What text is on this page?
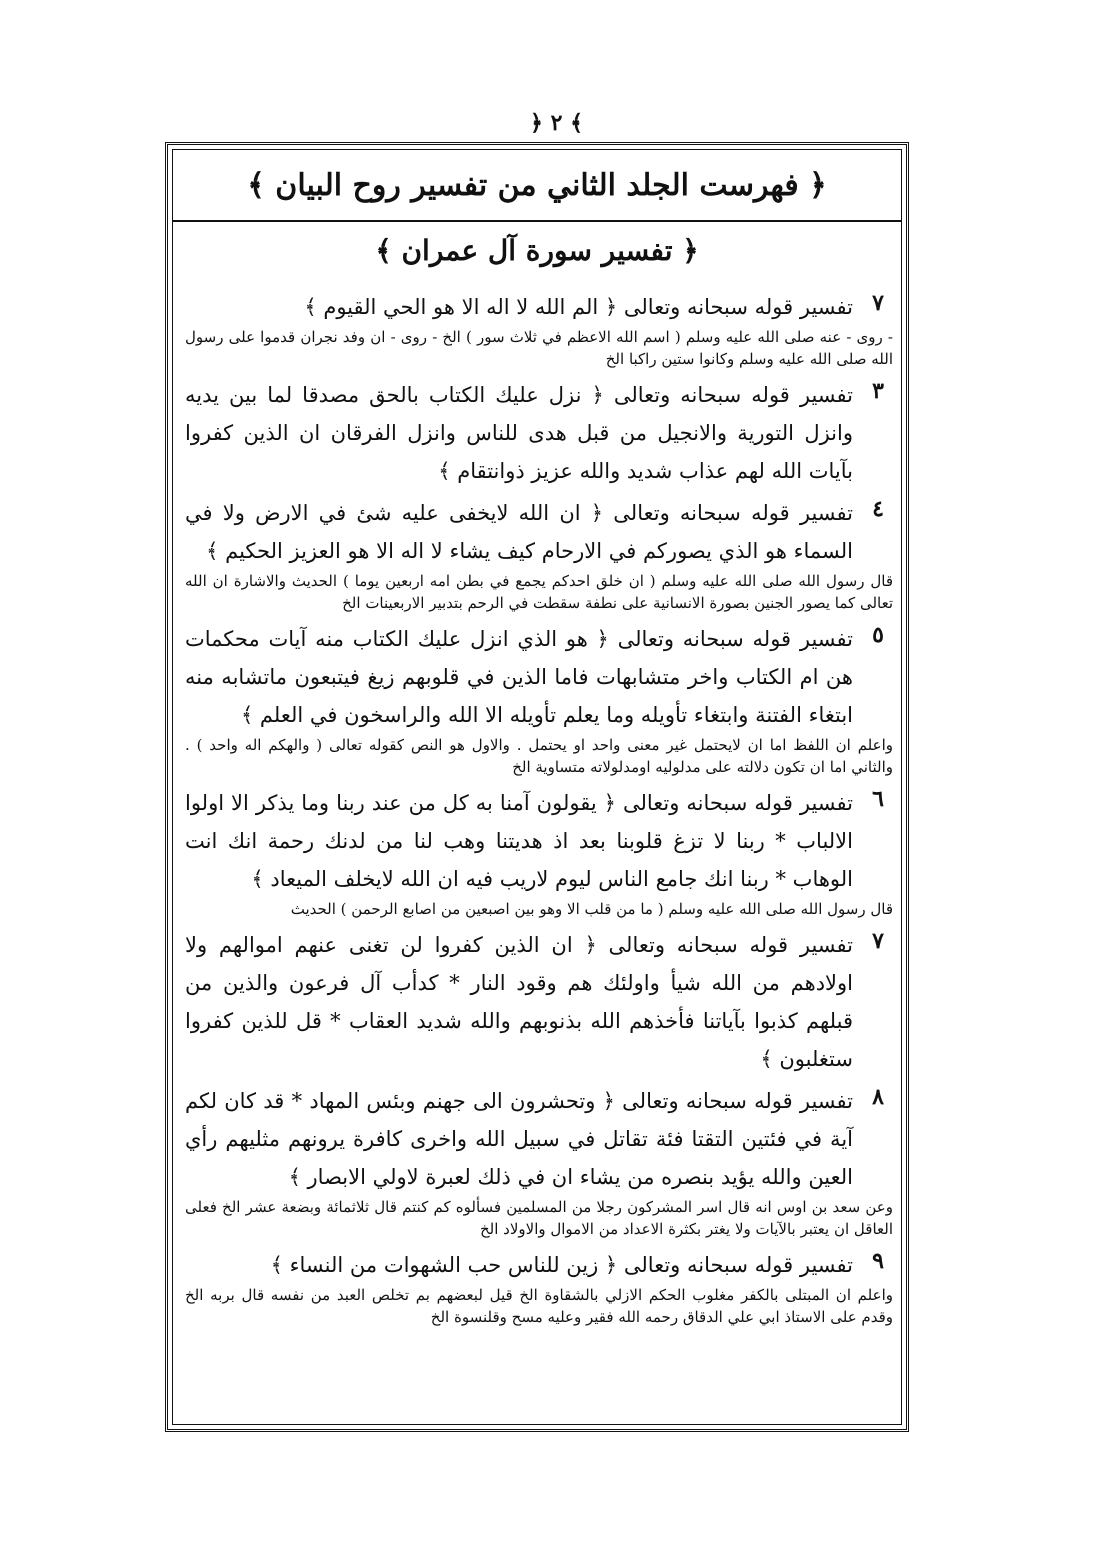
﴿ ٢ ﴾
﴿ فهرست الجلد الثاني من تفسير روح البيان ﴾
﴿ تفسير سورة آل عمران ﴾
٧
تفسير قوله سبحانه وتعالى ﴿ الم الله لا اله الا هو الحي القيوم ﴾
- روى - عنه صلى الله عليه وسلم ( اسم الله الاعظم في ثلاث سور ) الخ - روى - ان وفد نجران قدموا على رسول الله صلى الله عليه وسلم وكانوا ستين راكبا الخ
٣
تفسير قوله سبحانه وتعالى ﴿ نزل عليك الكتاب بالحق مصدقا لما بين يديه وانزل التورية والانجيل من قبل هدى للناس وانزل الفرقان ان الذين كفروا بآيات الله لهم عذاب شديد والله عزيز ذوانتقام ﴾
٤
تفسير قوله سبحانه وتعالى ﴿ ان الله لايخفى عليه شئ في الارض ولا في السماء هو الذي يصوركم في الارحام كيف يشاء لا اله الا هو العزيز الحكيم ﴾
قال رسول الله صلى الله عليه وسلم ( ان خلق احدكم يجمع في بطن امه اربعين يوما ) الحديث والاشارة ان الله تعالى كما يصور الجنين بصورة الانسانية على نطفة سقطت في الرحم بتدبير الاربعينات الخ
٥
تفسير قوله سبحانه وتعالى ﴿ هو الذي انزل عليك الكتاب منه آيات محكمات هن ام الكتاب واخر متشابهات فاما الذين في قلوبهم زيغ فيتبعون ماتشابه منه ابتغاء الفتنة وابتغاء تأويله وما يعلم تأويله الا الله والراسخون في العلم ﴾
واعلم ان اللفظ اما ان لايحتمل غير معنى واحد او يحتمل . والاول هو النص كقوله تعالى ( والهكم اله واحد ) . والثاني اما ان تكون دلالته على مدلوليه اومدلولاته متساوية الخ
٦
تفسير قوله سبحانه وتعالى ﴿ يقولون آمنا به كل من عند ربنا وما يذكر الا اولوا الالباب * ربنا لا تزغ قلوبنا بعد اذ هديتنا وهب لنا من لدنك رحمة انك انت الوهاب * ربنا انك جامع الناس ليوم لاريب فيه ان الله لايخلف الميعاد ﴾
قال رسول الله صلى الله عليه وسلم ( ما من قلب الا وهو بين اصبعين من اصابع الرحمن ) الحديث
٧
تفسير قوله سبحانه وتعالى ﴿ ان الذين كفروا لن تغنى عنهم اموالهم ولا اولادهم من الله شيأ واولئك هم وقود النار * كدأب آل فرعون والذين من قبلهم كذبوا بآياتنا فأخذهم الله بذنوبهم والله شديد العقاب * قل للذين كفروا ستغلبون ﴾
٨
تفسير قوله سبحانه وتعالى ﴿ وتحشرون الى جهنم وبئس المهاد * قد كان لكم آية في فئتين التقتا فئة تقاتل في سبيل الله واخرى كافرة يرونهم مثليهم رأي العين والله يؤيد بنصره من يشاء ان في ذلك لعبرة لاولي الابصار ﴾
وعن سعد بن اوس انه قال اسر المشركون رجلا من المسلمين فسألوه كم كنتم قال ثلاثمائة وبضعة عشر الخ فعلى العاقل ان يعتبر بالآيات ولا يغتر بكثرة الاعداد من الاموال والاولاد الخ
٩
تفسير قوله سبحانه وتعالى ﴿ زين للناس حب الشهوات من النساء ﴾
واعلم ان المبتلى بالكفر مغلوب الحكم الازلي بالشقاوة الخ قيل لبعضهم بم تخلص العبد من نفسه قال بربه الخ وقدم على الاستاذ ابي علي الدقاق رحمه الله فقير وعليه مسح وقلنسوة الخ
